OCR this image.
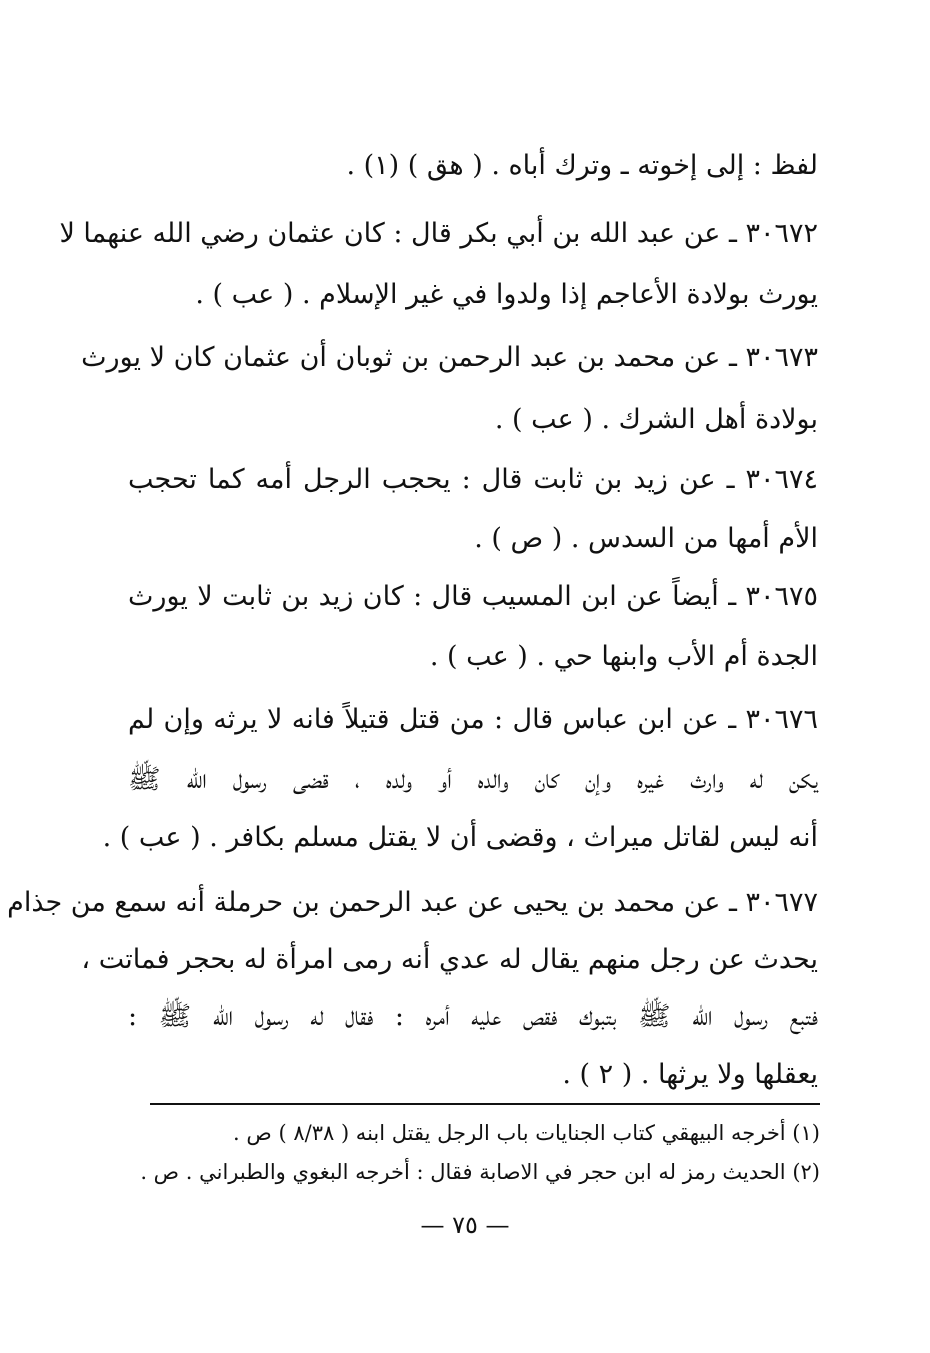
لفظ : إلى إخوته ـ وترك أباه . ( هق ) (١) .
٣٠٦٧٢ ـ عن عبد الله بن أبي بكر قال : كان عثمان رضي الله عنهما لا
يورث بولادة الأعاجم إذا ولدوا في غير الإسلام . ( عب ) .
٣٠٦٧٣ ـ عن محمد بن عبد الرحمن بن ثوبان أن عثمان كان لا يورث
بولادة أهل الشرك . ( عب ) .
٣٠٦٧٤ ـ عن زيد بن ثابت قال : يحجب الرجل أمه كما تحجب
الأم أمها من السدس . ( ص ) .
٣٠٦٧٥ ـ أيضاً عن ابن المسيب قال : كان زيد بن ثابت لا يورث
الجدة أم الأب وابنها حي . ( عب ) .
٣٠٦٧٦ ـ عن ابن عباس قال : من قتل قتيلاً فانه لا يرثه وإن لم
يكن له وارث غيره وإن كان والده أو ولده ، قضى رسول الله ﷺ
أنه ليس لقاتل ميراث ، وقضى أن لا يقتل مسلم بكافر . ( عب ) .
٣٠٦٧٧ ـ عن محمد بن يحيى عن عبد الرحمن بن حرملة أنه سمع من جذام
يحدث عن رجل منهم يقال له عدي أنه رمى امرأة له بحجر فماتت ،
فتبع رسول الله ﷺ بتبوك فقص عليه أمره : فقال له رسول الله ﷺ :
يعقلها ولا يرثها . ( ٢ ) .
(١) أخرجه البيهقي كتاب الجنايات باب الرجل يقتل ابنه ( ٨/٣٨ ) ص .
(٢) الحديث رمز له ابن حجر في الاصابة فقال : أخرجه البغوي والطبراني . ص .
— ٧٥ —
